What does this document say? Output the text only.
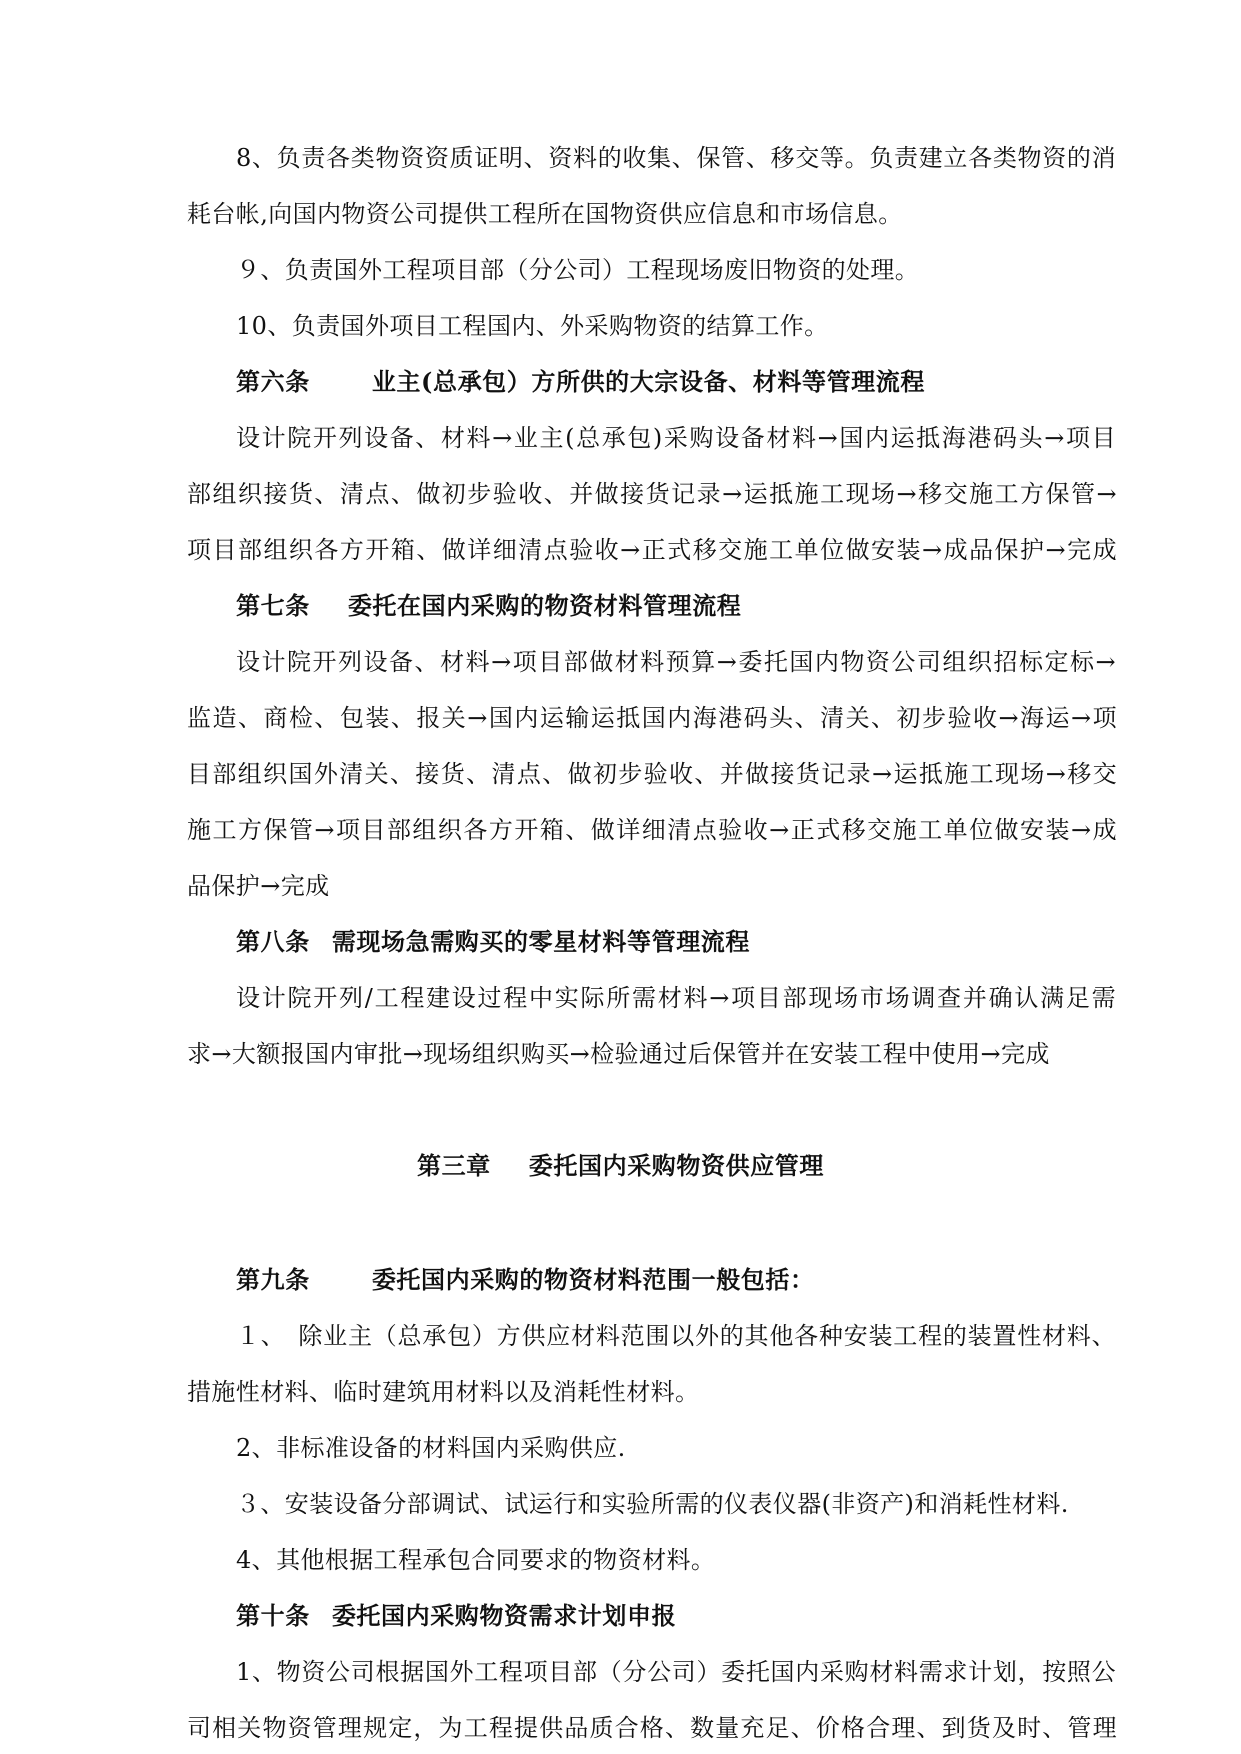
8、负责各类物资资质证明、资料的收集、保管、移交等。负责建立各类物资的消
耗台帐,向国内物资公司提供工程所在国物资供应信息和市场信息。
９、负责国外工程项目部（分公司）工程现场废旧物资的处理。
10、负责国外项目工程国内、外采购物资的结算工作。
第六条	业主(总承包）方所供的大宗设备、材料等管理流程
设计院开列设备、材料→业主(总承包)采购设备材料→国内运抵海港码头→项目
部组织接货、清点、做初步验收、并做接货记录→运抵施工现场→移交施工方保管→
项目部组织各方开箱、做详细清点验收→正式移交施工单位做安装→成品保护→完成
第七条 委托在国内采购的物资材料管理流程
设计院开列设备、材料→项目部做材料预算→委托国内物资公司组织招标定标→
监造、商检、包装、报关→国内运输运抵国内海港码头、清关、初步验收→海运→项
目部组织国外清关、接货、清点、做初步验收、并做接货记录→运抵施工现场→移交
施工方保管→项目部组织各方开箱、做详细清点验收→正式移交施工单位做安装→成
品保护→完成
第八条 需现场急需购买的零星材料等管理流程
设计院开列/工程建设过程中实际所需材料→项目部现场市场调查并确认满足需
求→大额报国内审批→现场组织购买→检验通过后保管并在安装工程中使用→完成
第三章 委托国内采购物资供应管理
第九条	委托国内采购的物资材料范围一般包括：
１、　除业主（总承包）方供应材料范围以外的其他各种安装工程的装置性材料、
措施性材料、临时建筑用材料以及消耗性材料。
2、非标准设备的材料国内采购供应.
３、安装设备分部调试、试运行和实验所需的仪表仪器(非资产)和消耗性材料.
4、其他根据工程承包合同要求的物资材料。
第十条 委托国内采购物资需求计划申报
1、物资公司根据国外工程项目部（分公司）委托国内采购材料需求计划，按照公
司相关物资管理规定，为工程提供品质合格、数量充足、价格合理、到货及时、管理
